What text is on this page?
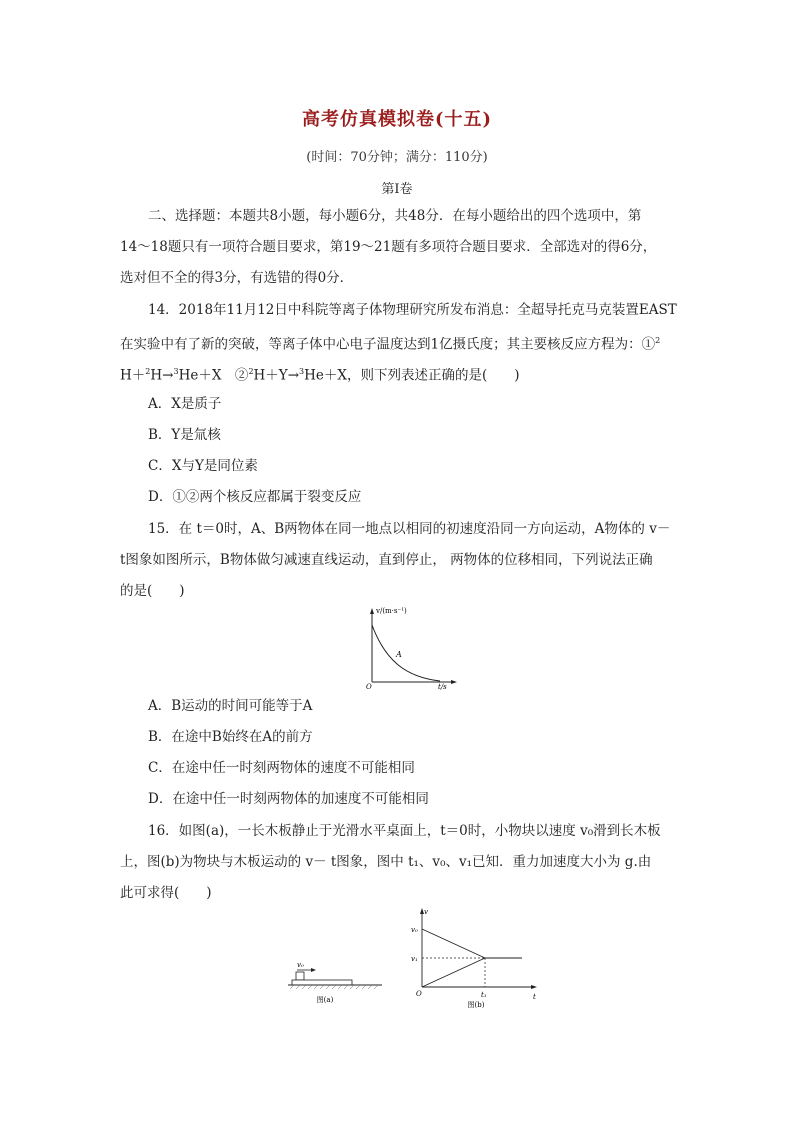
高考仿真模拟卷(十五)
(时间：70分钟；满分：110分)
第Ⅰ卷
二、选择题：本题共8小题，每小题6分，共48分．在每小题给出的四个选项中，第
14～18题只有一项符合题目要求，第19～21题有多项符合题目要求．全部选对的得6分，
选对但不全的得3分，有选错的得0分．
14．2018年11月12日中科院等离子体物理研究所发布消息：全超导托克马克装置EAST
在实验中有了新的突破，等离子体中心电子温度达到1亿摄氏度；其主要核反应方程为：①$^2$
H＋$^2$H→$^3$He＋X　②$^2$H＋Y→$^3$He＋X，则下列表述正确的是(　　)
A．X是质子
B．Y是氚核
C．X与Y是同位素
D．①②两个核反应都属于裂变反应
15．在 t＝0时，A、B两物体在同一地点以相同的初速度沿同一方向运动，A物体的 v－
t图象如图所示，B物体做匀减速直线运动，直到停止， 两物体的位移相同，下列说法正确
的是(　　)
v/(m·s⁻¹)
t/s
O
A
A．B运动的时间可能等于A
B．在途中B始终在A的前方
C．在途中任一时刻两物体的速度不可能相同
D．在途中任一时刻两物体的加速度不可能相同
16．如图(a)，一长木板静止于光滑水平桌面上，t＝0时，小物块以速度 v₀滑到长木板
上，图(b)为物块与木板运动的 v－ t图象，图中 t₁、v₀、v₁已知．重力加速度大小为 g.由
此可求得(　　)
v₀
图(a)
v
t
O
v₀
v₁
t₁
图(b)
